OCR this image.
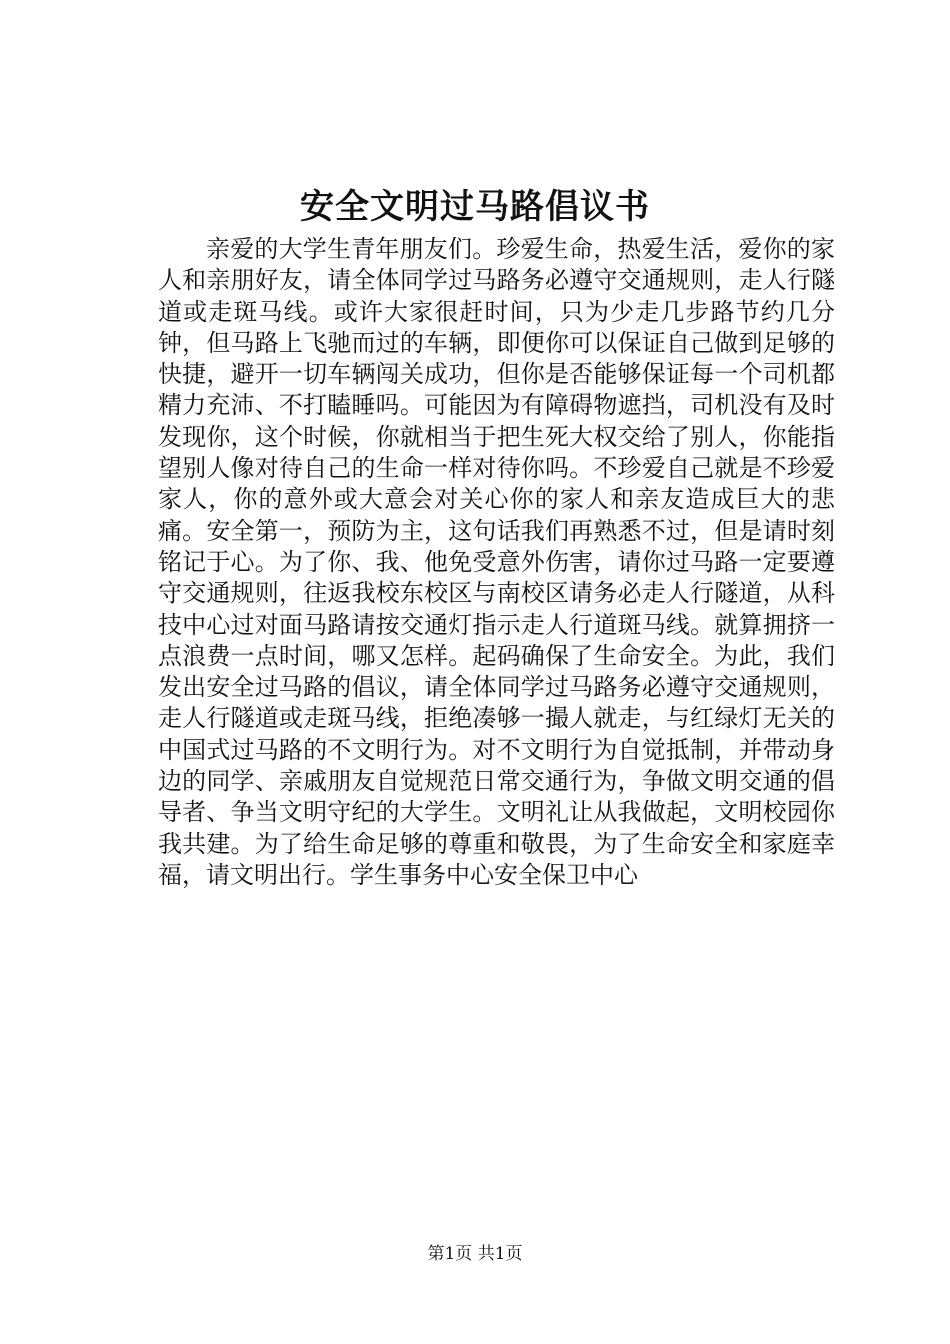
安全文明过马路倡议书

亲爱的大学生青年朋友们。珍爱生命，热爱生活，爱你的家人和亲朋好友，请全体同学过马路务必遵守交通规则，走人行隧道或走斑马线。或许大家很赶时间，只为少走几步路节约几分钟，但马路上飞驰而过的车辆，即便你可以保证自己做到足够的快捷，避开一切车辆闯关成功，但你是否能够保证每一个司机都精力充沛、不打瞌睡吗。可能因为有障碍物遮挡，司机没有及时发现你，这个时候，你就相当于把生死大权交给了别人，你能指望别人像对待自己的生命一样对待你吗。不珍爱自己就是不珍爱家人，你的意外或大意会对关心你的家人和亲友造成巨大的悲痛。安全第一，预防为主，这句话我们再熟悉不过，但是请时刻铭记于心。为了你、我、他免受意外伤害，请你过马路一定要遵守交通规则，往返我校东校区与南校区请务必走人行隧道，从科技中心过对面马路请按交通灯指示走人行道斑马线。就算拥挤一点浪费一点时间，哪又怎样。起码确保了生命安全。为此，我们发出安全过马路的倡议，请全体同学过马路务必遵守交通规则，走人行隧道或走斑马线，拒绝凑够一撮人就走，与红绿灯无关的中国式过马路的不文明行为。对不文明行为自觉抵制，并带动身边的同学、亲戚朋友自觉规范日常交通行为，争做文明交通的倡导者、争当文明守纪的大学生。文明礼让从我做起，文明校园你我共建。为了给生命足够的尊重和敬畏，为了生命安全和家庭幸福，请文明出行。学生事务中心安全保卫中心

第1页 共1页
